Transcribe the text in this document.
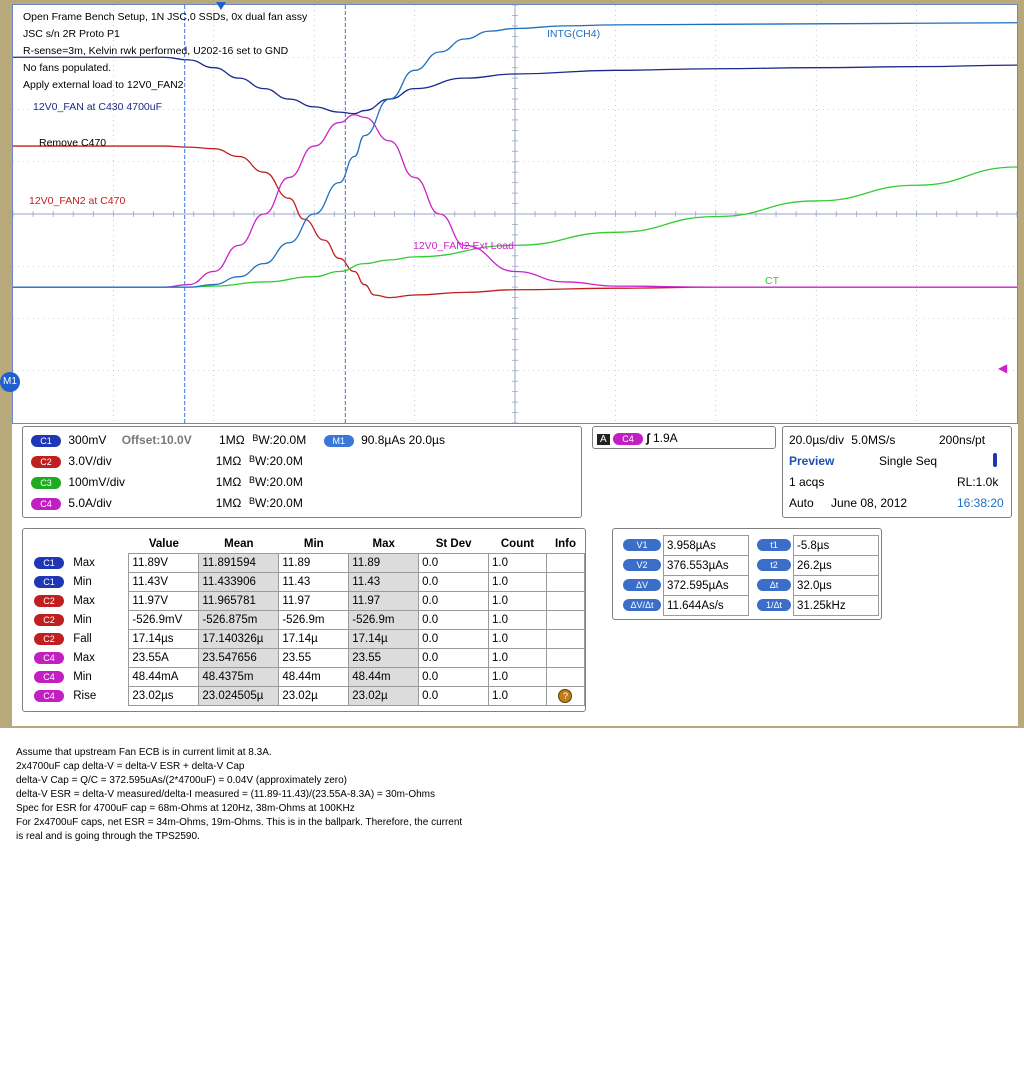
Open Frame Bench Setup, 1N JSC,0 SSDs, 0x dual fan assy
JSC s/n 2R Proto P1
R-sense=3m, Kelvin rwk performed, U202-16 set to GND
No fans populated.
Apply external load to 12V0_FAN2
12V0_FAN at C430 4700uF
Remove C470
12V0_FAN2 at C470
12V0_FAN2 Ext Load
INTG(CH4)
CT
◀
M1
C1 300mV Offset:10.0V 1MΩ $^B$W:20.0M	M1 90.8µAs 20.0µs
C2 3.0V/div	1MΩ $^B$W:20.0M
C3 100mV/div	1MΩ $^B$W:20.0M
C4 5.0A/div	1MΩ $^B$W:20.0M
A C4 ∫ 1.9A	20.0µs/div 5.0MS/s	200ns/pt
Preview	Single Seq
1 acqs	RL:1.0k
Auto June 08, 2012	16:38:20
	Value	Mean	Min	Max	St Dev	Count	Info
C1 Max	11.89V	11.891594	11.89	11.89	0.0	1.0	
C1 Min	11.43V	11.433906	11.43	11.43	0.0	1.0	
C2 Max	11.97V	11.965781	11.97	11.97	0.0	1.0	
C2 Min	-526.9mV	-526.875m	-526.9m	-526.9m	0.0	1.0	
C2 Fall	17.14µs	17.140326µ	17.14µ	17.14µ	0.0	1.0	
C4 Max	23.55A	23.547656	23.55	23.55	0.0	1.0	
C4 Min	48.44mA	48.4375m	48.44m	48.44m	0.0	1.0	
C4 Rise	23.02µs	23.024505µ	23.02µ	23.02µ	0.0	1.0	?
V1	3.958µAs	t1	-5.8µs
V2	376.553µAs	t2	26.2µs
ΔV	372.595µAs	Δt	32.0µs
ΔV/Δt	11.644As/s	1/Δt	31.25kHz
Assume that upstream Fan ECB is in current limit at 8.3A.
2x4700uF cap delta-V = delta-V ESR + delta-V Cap
delta-V Cap = Q/C = 372.595uAs/(2*4700uF) = 0.04V (approximately zero)
delta-V ESR = delta-V measured/delta-I measured = (11.89-11.43)/(23.55A-8.3A) = 30m-Ohms
Spec for ESR for 4700uF cap = 68m-Ohms at 120Hz, 38m-Ohms at 100KHz
For 2x4700uF caps, net ESR = 34m-Ohms, 19m-Ohms. This is in the ballpark. Therefore, the current
is real and is going through the TPS2590.
